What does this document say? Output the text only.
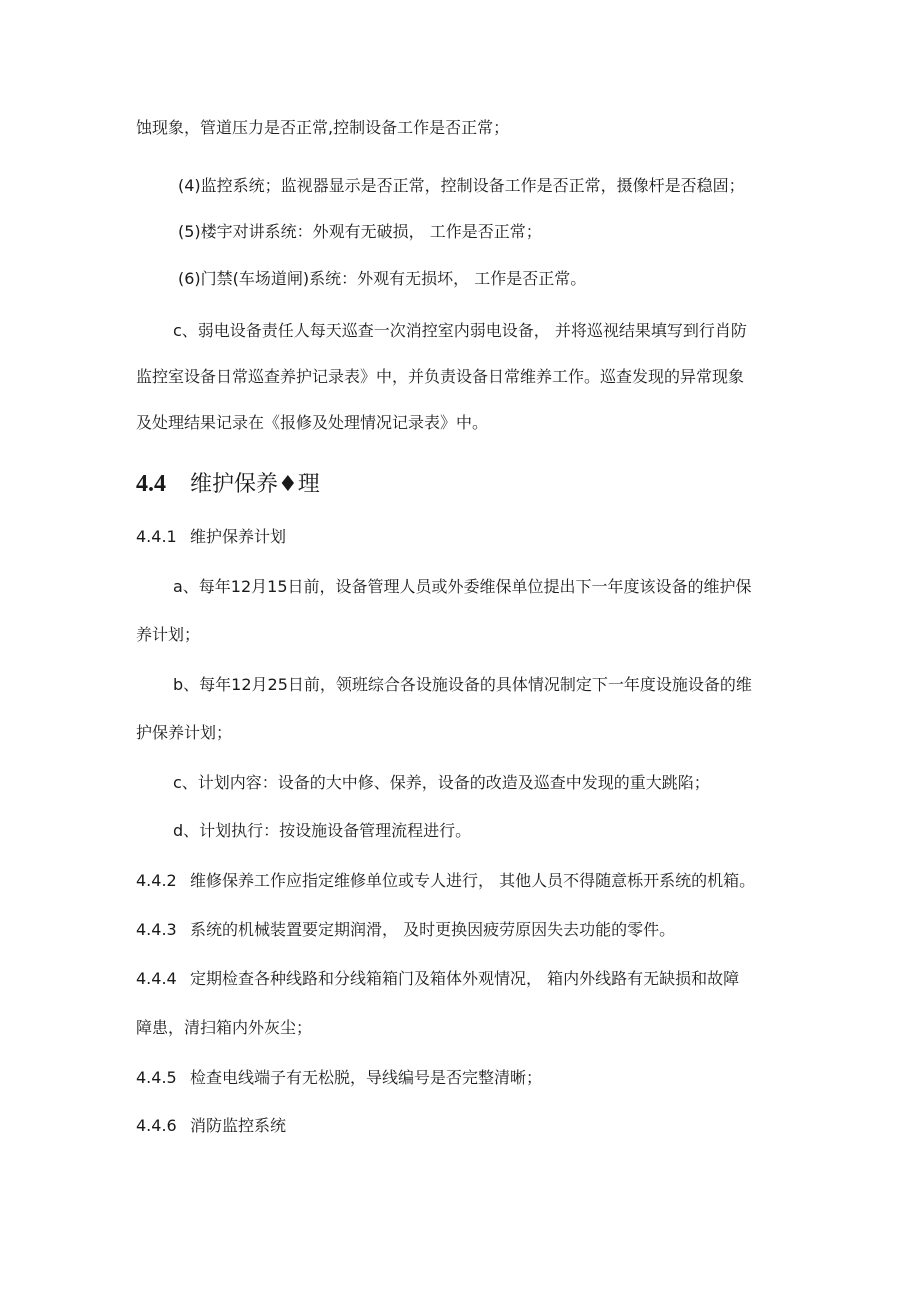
蚀现象，管道压力是否正常,控制设备工作是否正常；
(4)监控系统；监视器显示是否正常，控制设备工作是否正常，摄像杆是否稳固；
(5)楼宇对讲系统：外观有无破损， 工作是否正常；
(6)门禁(车场道闸)系统：外观有无损坏， 工作是否正常。
c、弱电设备责任人每天巡查一次消控室内弱电设备， 并将巡视结果填写到行肖防
监控室设备日常巡查养护记录表》中，并负责设备日常维养工作。巡查发现的异常现象
及处理结果记录在《报修及处理情况记录表》中。
4.4 维护保养♦理
4.4.1 维护保养计划
a、每年12月15日前，设备管理人员或外委维保单位提出下一年度该设备的维护保
养计划；
b、每年12月25日前，领班综合各设施设备的具体情况制定下一年度设施设备的维
护保养计划；
c、计划内容：设备的大中修、保养，设备的改造及巡查中发现的重大跳陷；
d、计划执行：按设施设备管理流程进行。
4.4.2 维修保养工作应指定维修单位或专人进行， 其他人员不得随意栎开系统的机箱。
4.4.3 系统的机械装置要定期润滑， 及时更换因疲劳原因失去功能的零件。
4.4.4 定期检查各种线路和分线箱箱门及箱体外观情况， 箱内外线路有无缺损和故障
障患，清扫箱内外灰尘；
4.4.5 检查电线端子有无松脱，导线编号是否完整清晰；
4.4.6 消防监控系统
